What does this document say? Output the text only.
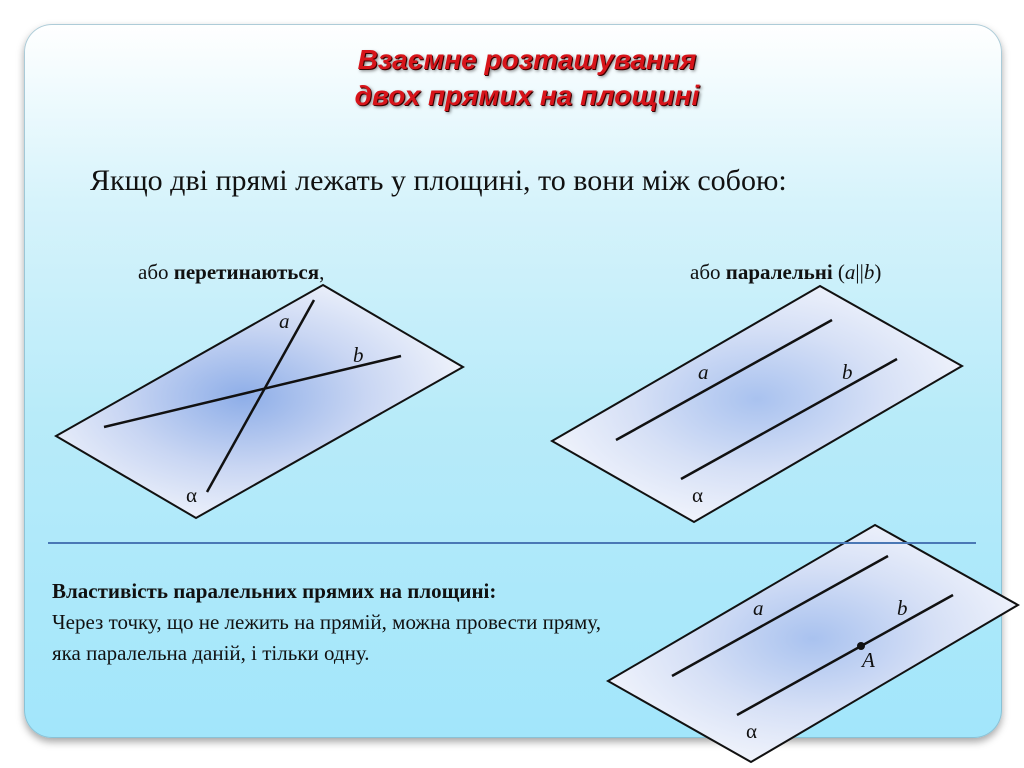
Взаємне розташування
двох прямих на площині
Якщо дві прямі лежать у площині, то вони між собою:
або перетинаються,	або паралельні (a||b)
a
b
α
a	b
α
a	b
A
α
Властивість паралельних прямих на площині:
Через точку, що не лежить на прямій, можна провести пряму, яка паралельна даній, і тільки одну.
